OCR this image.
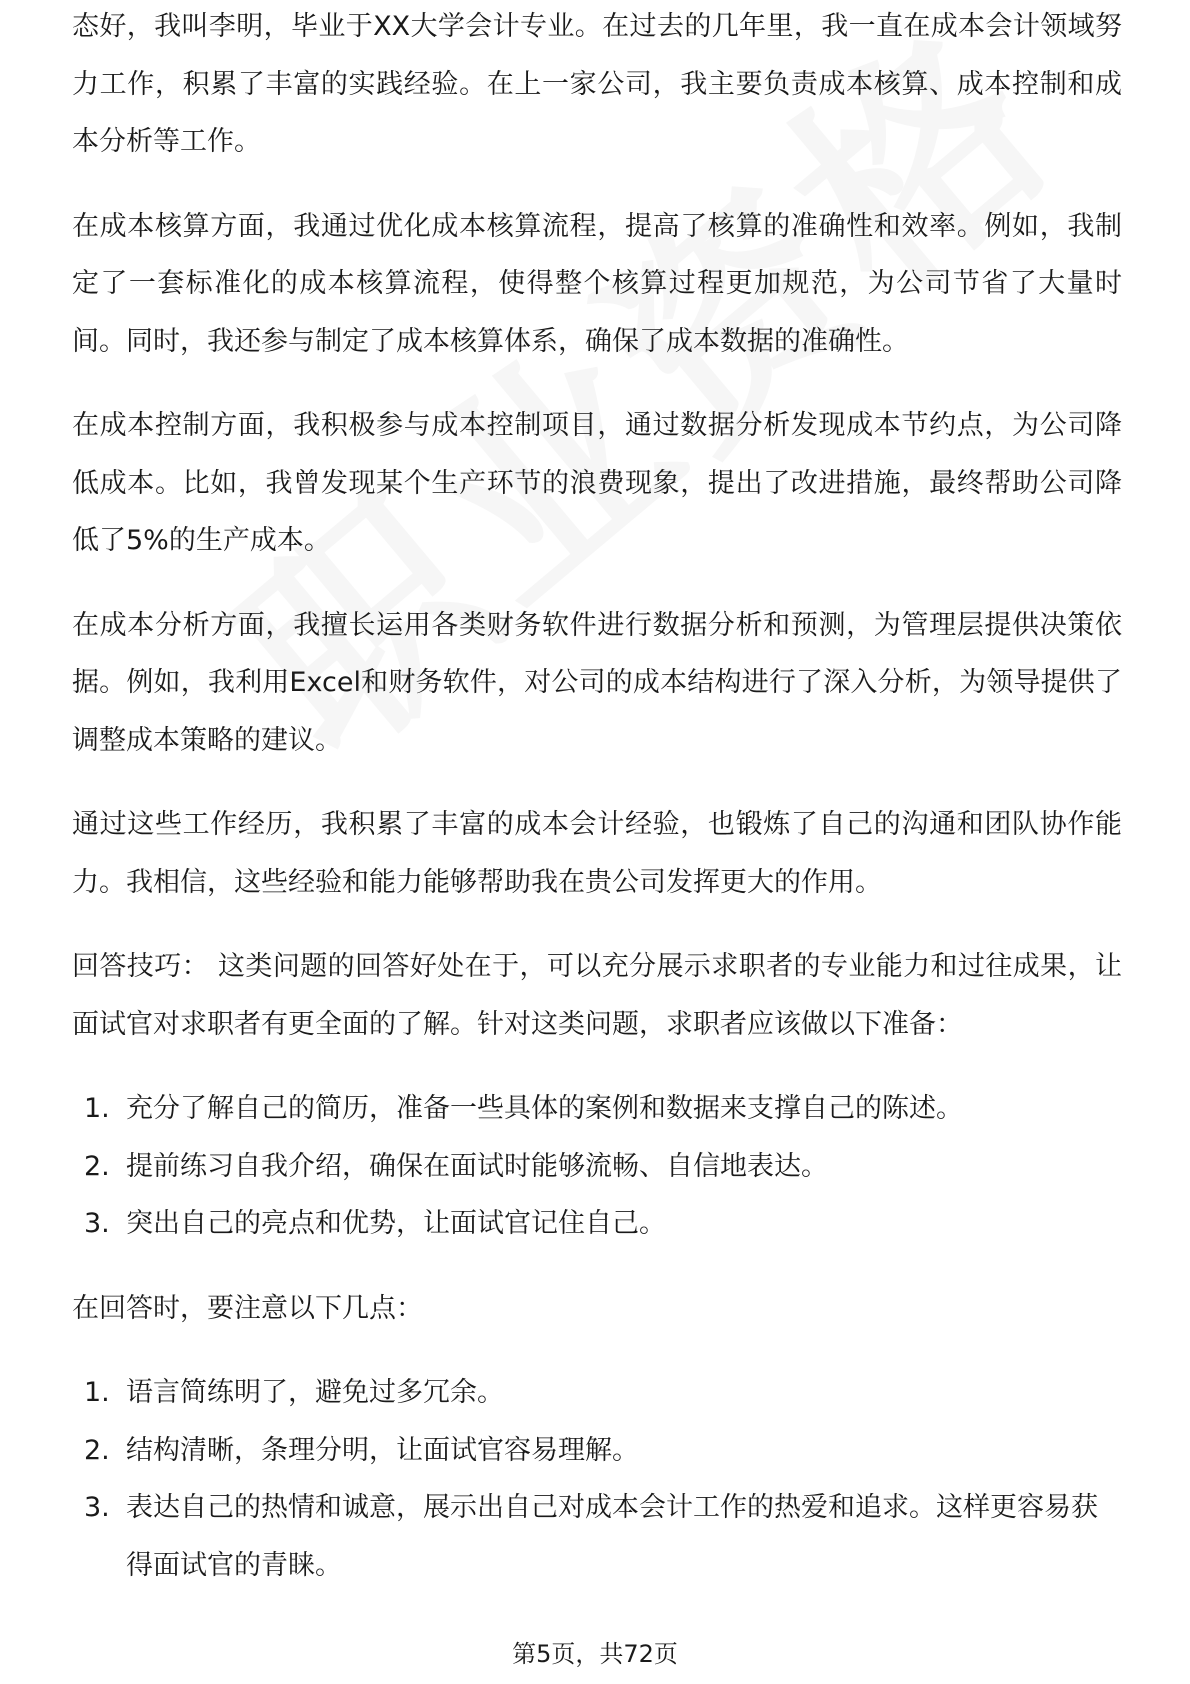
态好，我叫李明，毕业于XX大学会计专业。在过去的几年里，我一直在成本会计领域努力工作，积累了丰富的实践经验。在上一家公司，我主要负责成本核算、成本控制和成本分析等工作。

在成本核算方面，我通过优化成本核算流程，提高了核算的准确性和效率。例如，我制定了一套标准化的成本核算流程，使得整个核算过程更加规范，为公司节省了大量时间。同时，我还参与制定了成本核算体系，确保了成本数据的准确性。

在成本控制方面，我积极参与成本控制项目，通过数据分析发现成本节约点，为公司降低成本。比如，我曾发现某个生产环节的浪费现象，提出了改进措施，最终帮助公司降低了5%的生产成本。

在成本分析方面，我擅长运用各类财务软件进行数据分析和预测，为管理层提供决策依据。例如，我利用Excel和财务软件，对公司的成本结构进行了深入分析，为领导提供了调整成本策略的建议。

通过这些工作经历，我积累了丰富的成本会计经验，也锻炼了自己的沟通和团队协作能力。我相信，这些经验和能力能够帮助我在贵公司发挥更大的作用。

回答技巧： 这类问题的回答好处在于，可以充分展示求职者的专业能力和过往成果，让面试官对求职者有更全面的了解。针对这类问题，求职者应该做以下准备：

1. 充分了解自己的简历，准备一些具体的案例和数据来支撑自己的陈述。
2. 提前练习自我介绍，确保在面试时能够流畅、自信地表达。
3. 突出自己的亮点和优势，让面试官记住自己。

在回答时，要注意以下几点：

1. 语言简练明了，避免过多冗余。
2. 结构清晰，条理分明，让面试官容易理解。
3. 表达自己的热情和诚意，展示出自己对成本会计工作的热爱和追求。这样更容易获得面试官的青睐。
第5页，共72页
